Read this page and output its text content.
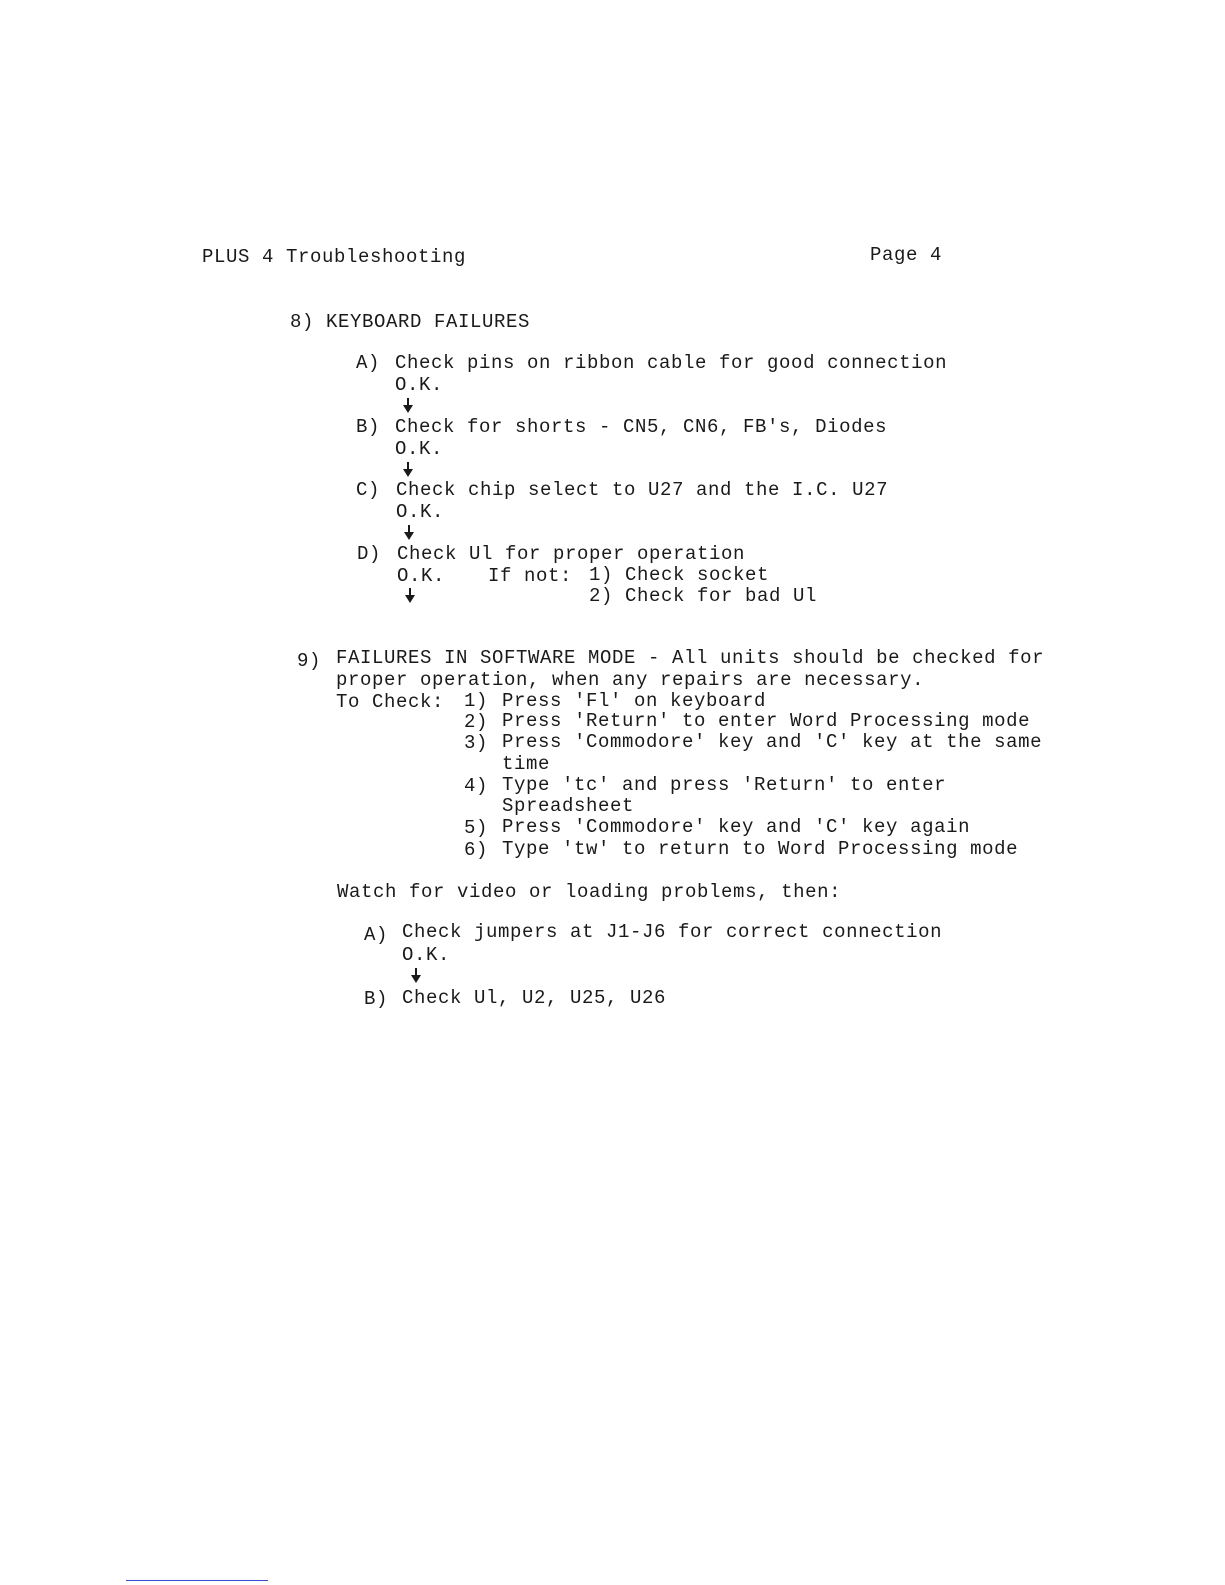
PLUS 4 Troubleshooting	Page 4
8) KEYBOARD FAILURES
A) Check pins on ribbon cable for good connection
O.K.
B) Check for shorts - CN5, CN6, FB's, Diodes
O.K.
C) Check chip select to U27 and the I.C. U27
O.K.
D) Check Ul for proper operation
O.K. If not: 1) Check socket
2) Check for bad Ul
9) FAILURES IN SOFTWARE MODE - All units should be checked for
proper operation, when any repairs are necessary.
To Check: 1) Press 'Fl' on keyboard
2) Press 'Return' to enter Word Processing mode
3) Press 'Commodore' key and 'C' key at the same
time
4) Type 'tc' and press 'Return' to enter
Spreadsheet
5) Press 'Commodore' key and 'C' key again
6) Type 'tw' to return to Word Processing mode
Watch for video or loading problems, then:
A) Check jumpers at J1-J6 for correct connection
O.K.
B) Check Ul, U2, U25, U26
